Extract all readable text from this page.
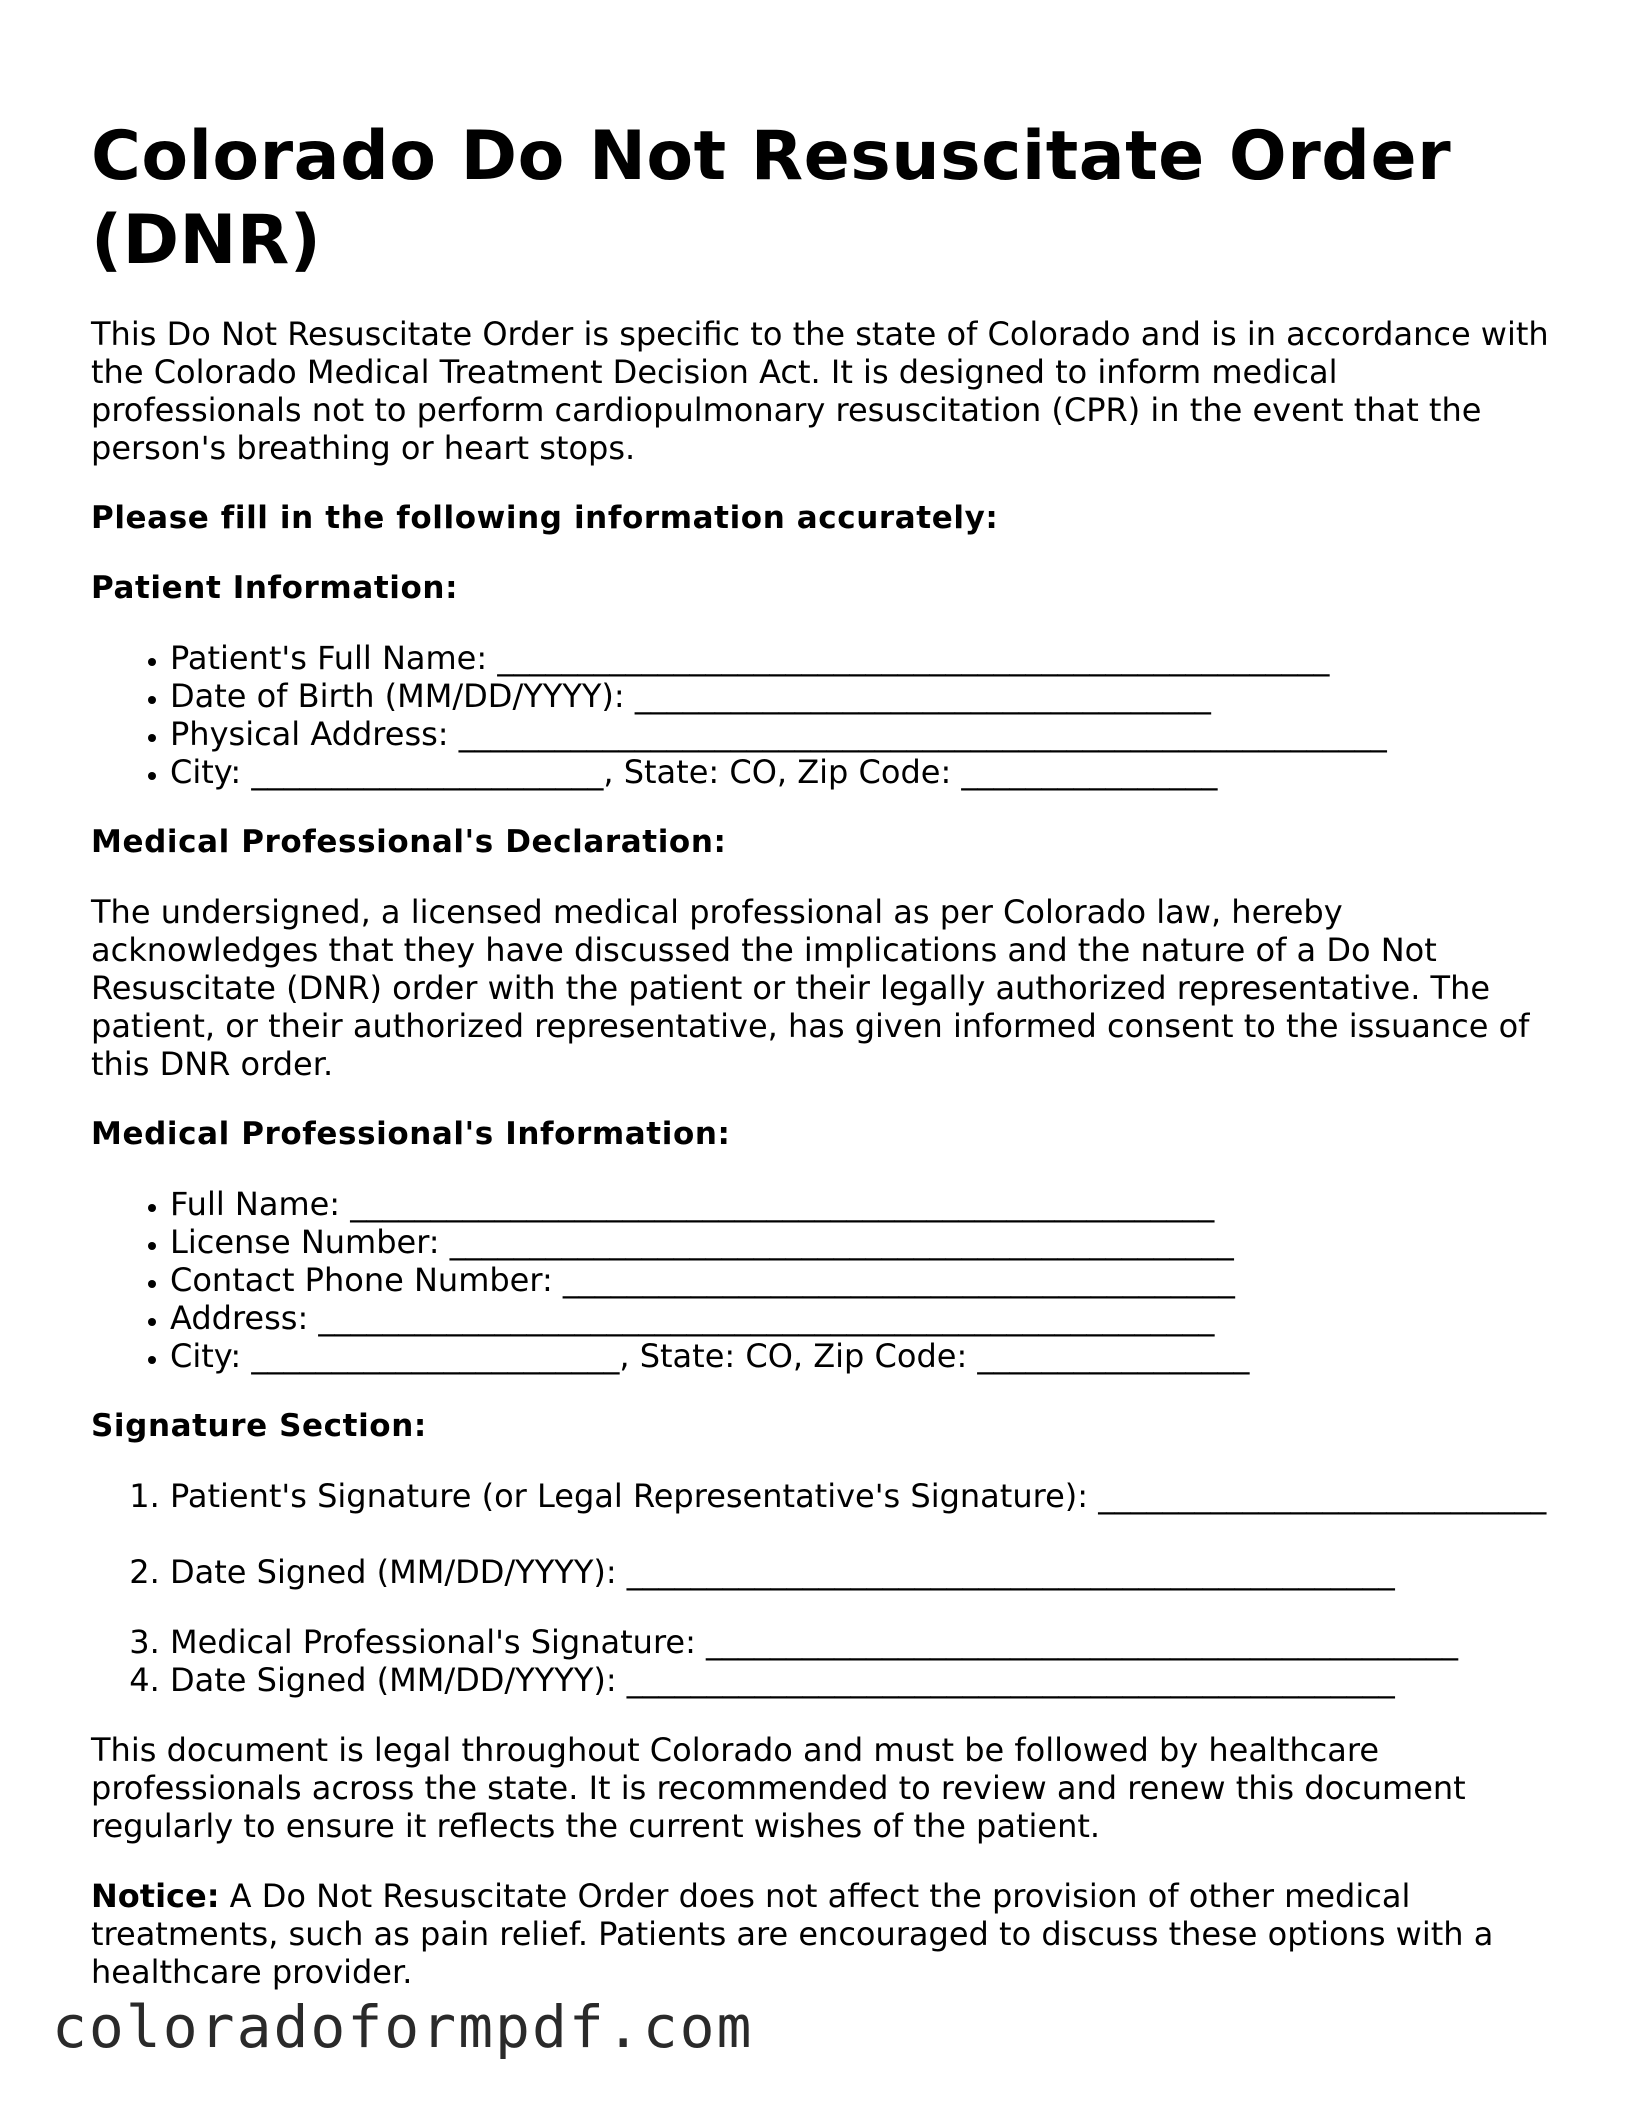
Colorado Do Not Resuscitate Order (DNR)

This Do Not Resuscitate Order is specific to the state of Colorado and is in accordance with the Colorado Medical Treatment Decision Act. It is designed to inform medical professionals not to perform cardiopulmonary resuscitation (CPR) in the event that the person's breathing or heart stops.

Please fill in the following information accurately:

Patient Information:

• Patient's Full Name: ____________________________________________________
• Date of Birth (MM/DD/YYYY): ____________________________________
• Physical Address: __________________________________________________________
• City: ______________________, State: CO, Zip Code: ________________

Medical Professional's Declaration:

The undersigned, a licensed medical professional as per Colorado law, hereby acknowledges that they have discussed the implications and the nature of a Do Not Resuscitate (DNR) order with the patient or their legally authorized representative. The patient, or their authorized representative, has given informed consent to the issuance of this DNR order.

Medical Professional's Information:

• Full Name: ______________________________________________________
• License Number: _________________________________________________
• Contact Phone Number: __________________________________________
• Address: ________________________________________________________
• City: _______________________, State: CO, Zip Code: _________________

Signature Section:

1. Patient's Signature (or Legal Representative's Signature): ____________________________
2. Date Signed (MM/DD/YYYY): ________________________________________________
3. Medical Professional's Signature: _______________________________________________
4. Date Signed (MM/DD/YYYY): ________________________________________________

This document is legal throughout Colorado and must be followed by healthcare professionals across the state. It is recommended to review and renew this document regularly to ensure it reflects the current wishes of the patient.

Notice: A Do Not Resuscitate Order does not affect the provision of other medical treatments, such as pain relief. Patients are encouraged to discuss these options with a healthcare provider.

coloradoformpdf.com
